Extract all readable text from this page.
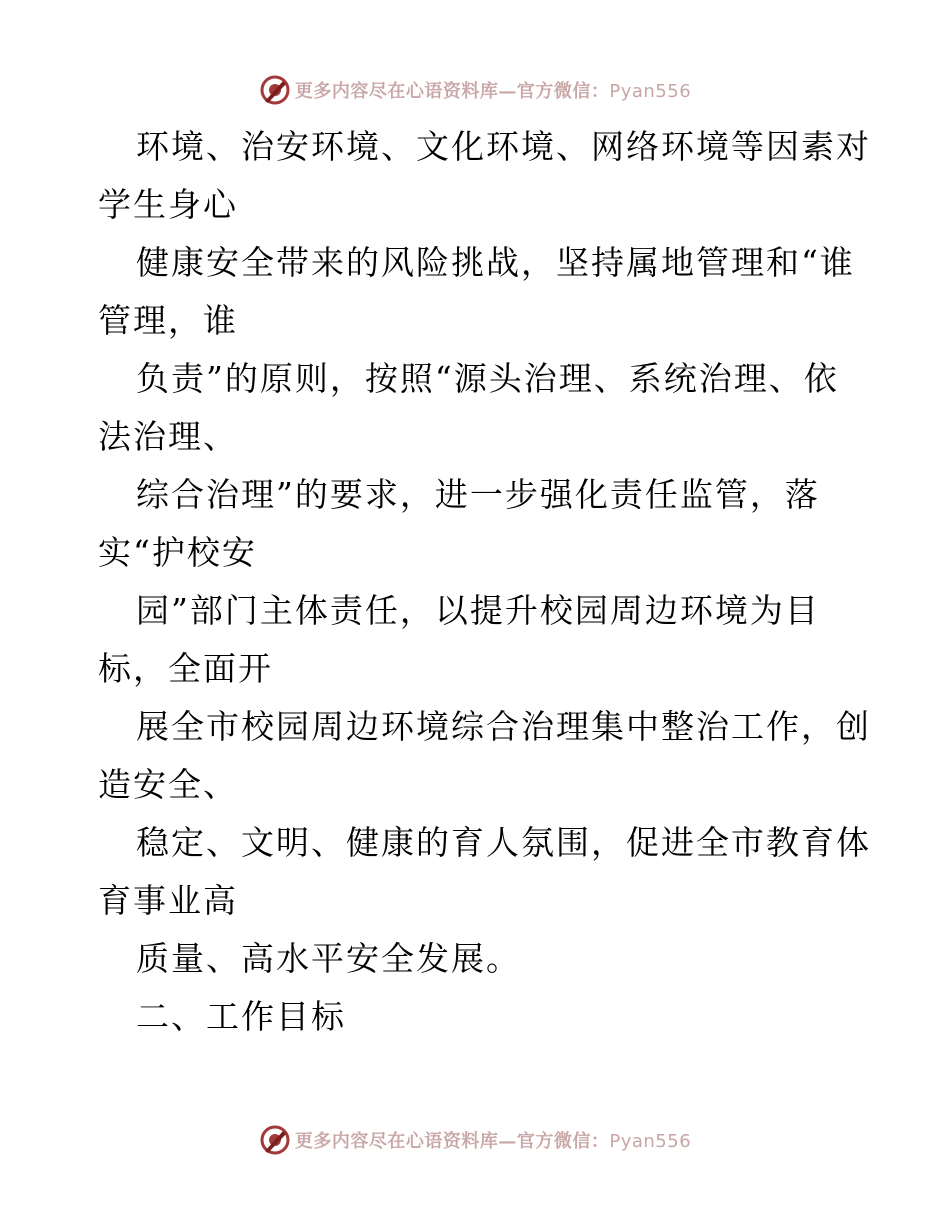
更多内容尽在心语资料库—官方微信：Pyan556
环境、治安环境、文化环境、网络环境等因素对
学生身心
健康安全带来的风险挑战，坚持属地管理和“谁
管理，谁
负责”的原则，按照“源头治理、系统治理、依
法治理、
综合治理”的要求，进一步强化责任监管，落
实“护校安
园”部门主体责任，以提升校园周边环境为目
标，全面开
展全市校园周边环境综合治理集中整治工作，创
造安全、
稳定、文明、健康的育人氛围，促进全市教育体
育事业高
质量、高水平安全发展。
二、工作目标
更多内容尽在心语资料库—官方微信：Pyan556
